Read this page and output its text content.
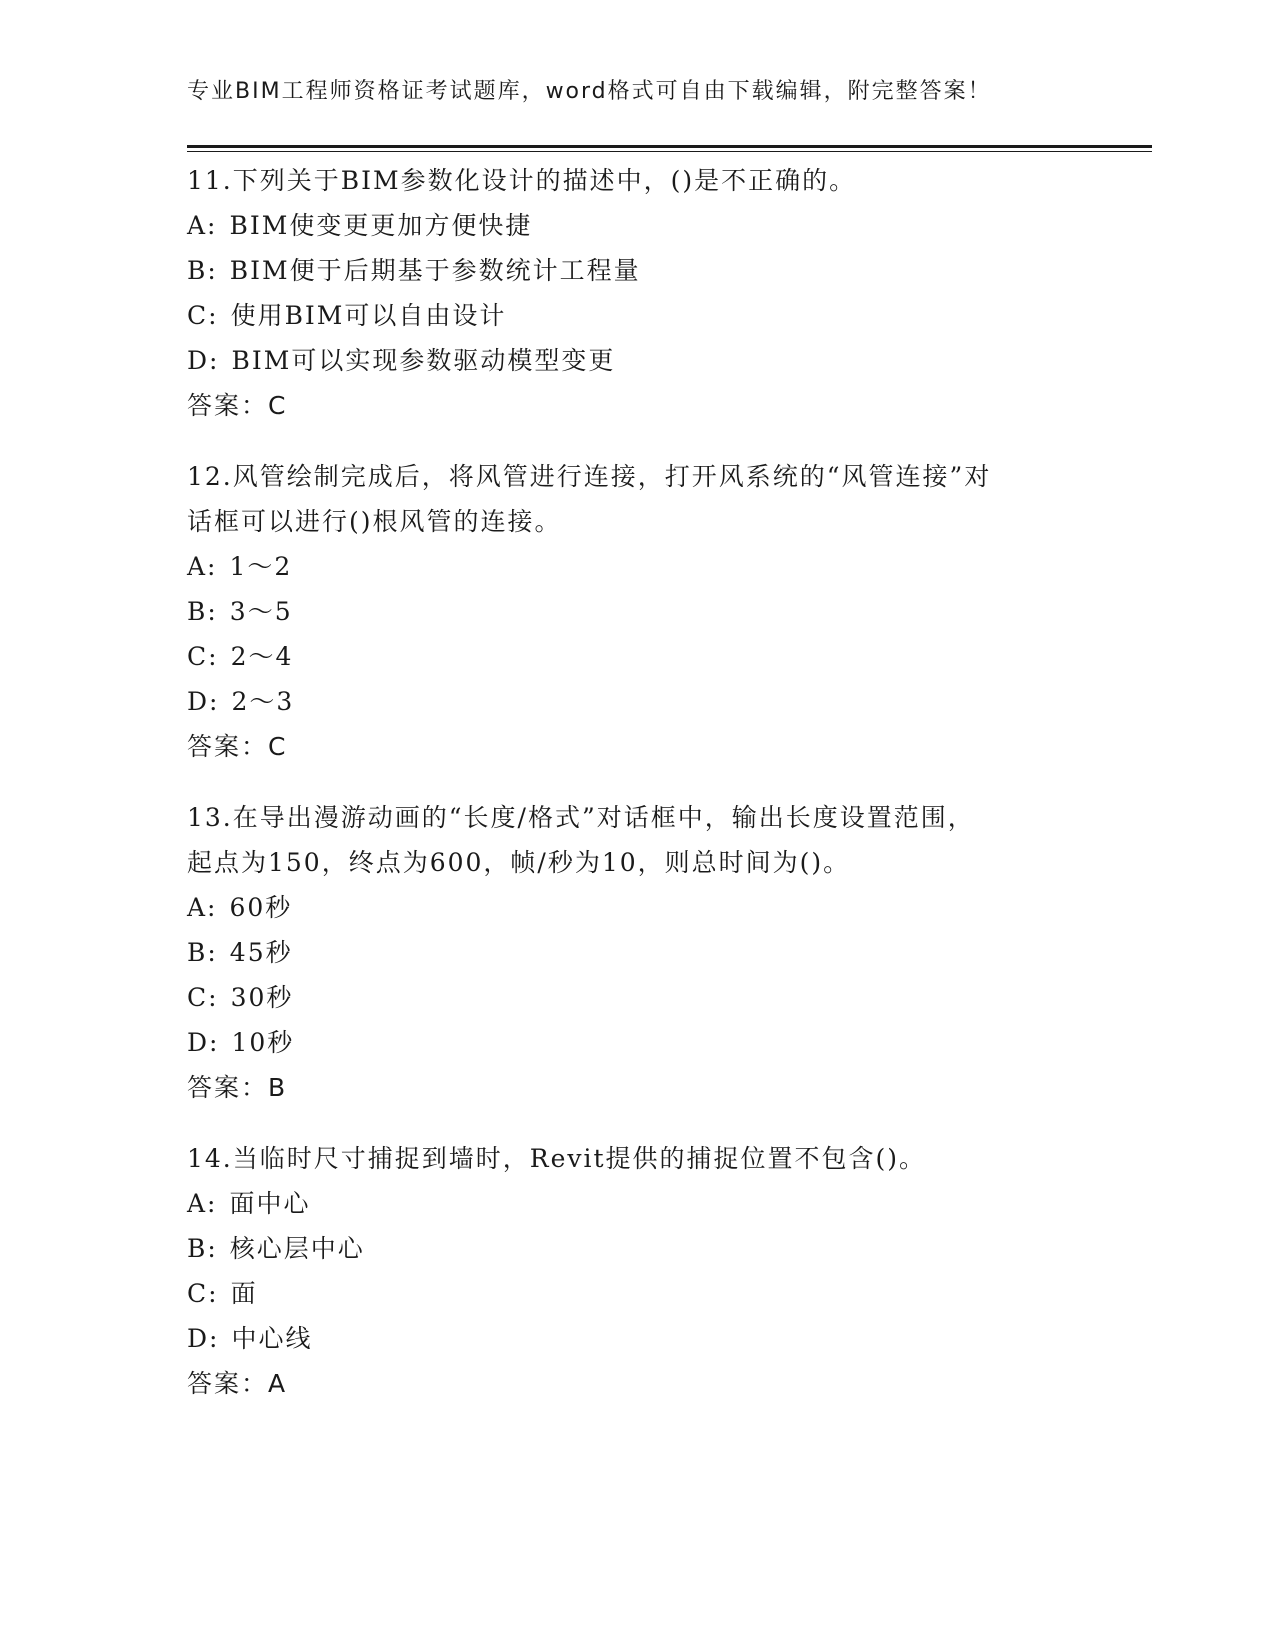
专业BIM工程师资格证考试题库，word格式可自由下载编辑，附完整答案！

11.下列关于BIM参数化设计的描述中，()是不正确的。

A: BIM使变更更加方便快捷
B: BIM便于后期基于参数统计工程量
C: 使用BIM可以自由设计
D: BIM可以实现参数驱动模型变更
答案：C

12.风管绘制完成后，将风管进行连接，打开风系统的“风管连接”对
话框可以进行()根风管的连接。

A: 1～2
B: 3～5
C: 2～4
D: 2～3
答案：C

13.在导出漫游动画的“长度/格式”对话框中，输出长度设置范围，
起点为150，终点为600，帧/秒为10，则总时间为()。

A: 60秒
B: 45秒
C: 30秒
D: 10秒
答案：B

14.当临时尺寸捕捉到墙时，Revit提供的捕捉位置不包含()。

A: 面中心
B: 核心层中心
C: 面
D: 中心线
答案：A
